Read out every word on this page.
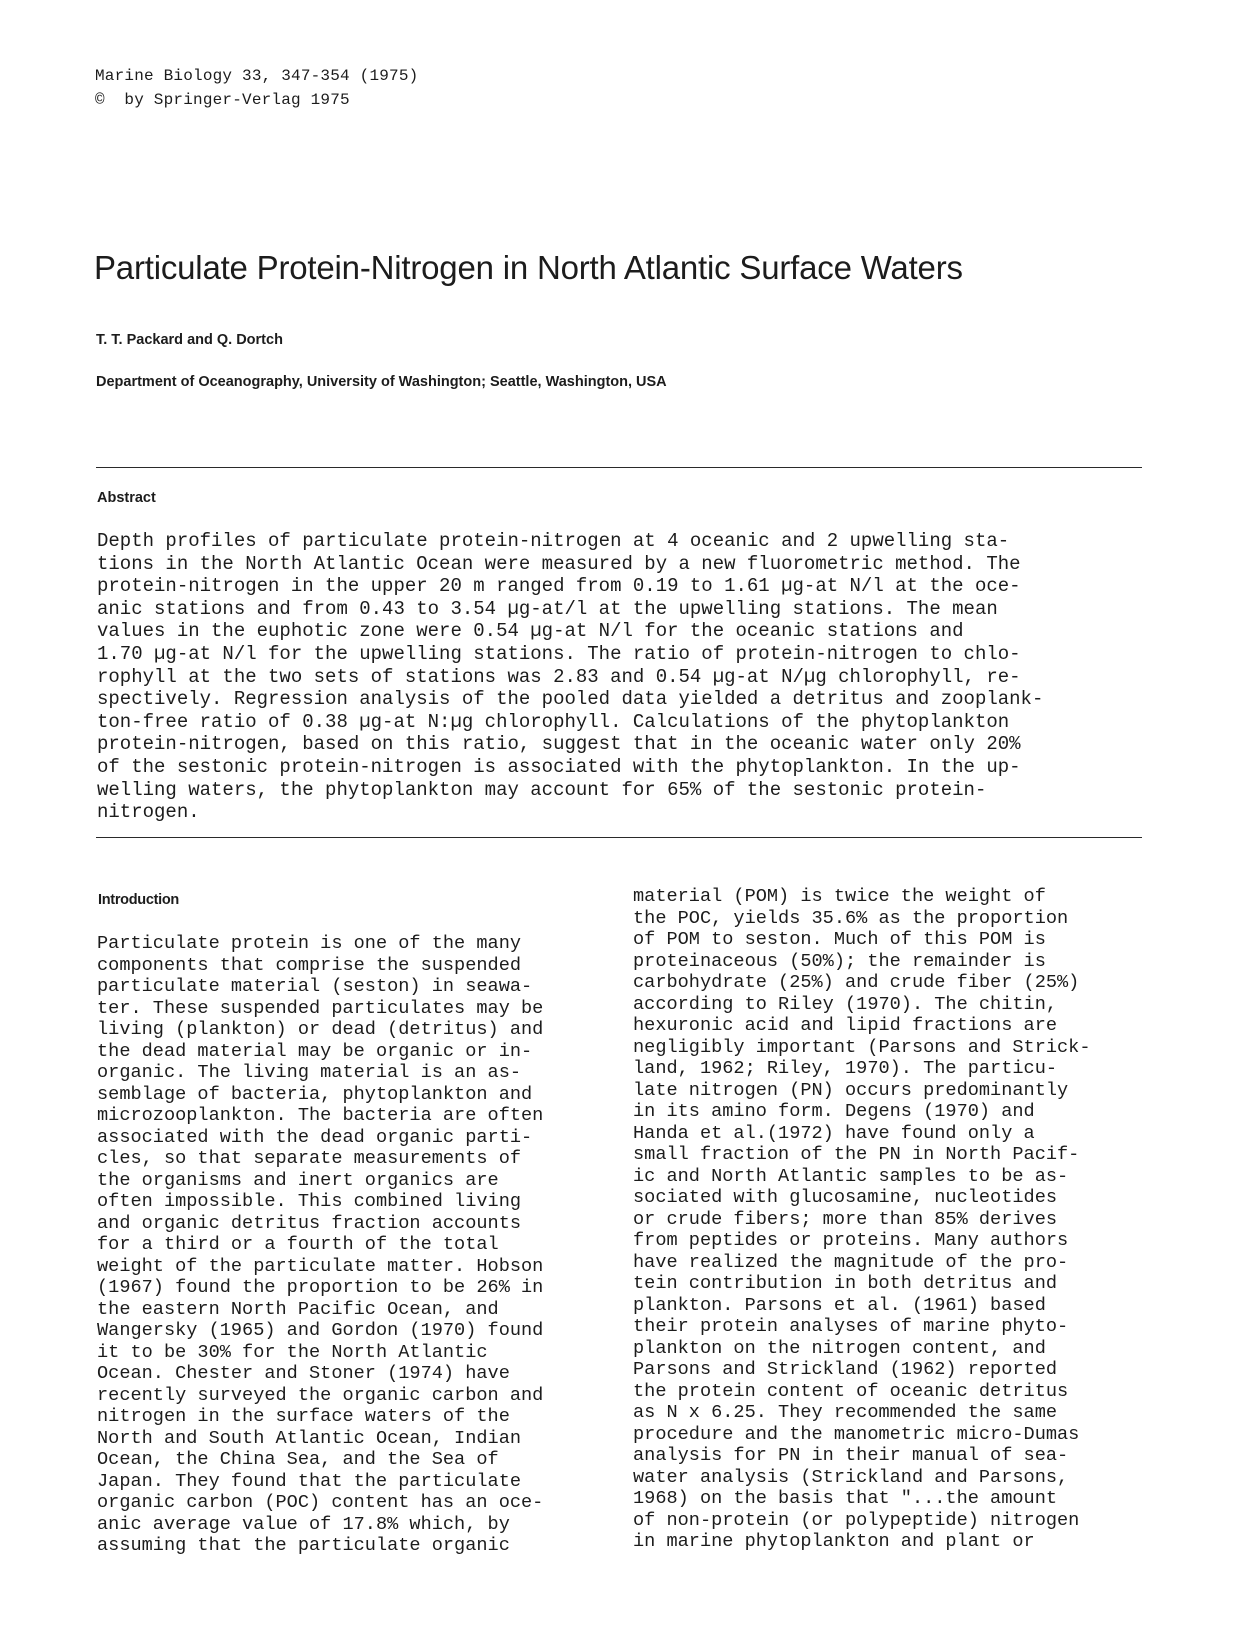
Marine Biology 33, 347-354 (1975)
©  by Springer-Verlag 1975
Particulate Protein-Nitrogen in North Atlantic Surface Waters
T. T. Packard and Q. Dortch
Department of Oceanography, University of Washington; Seattle, Washington, USA
Abstract
Depth profiles of particulate protein-nitrogen at 4 oceanic and 2 upwelling sta-
tions in the North Atlantic Ocean were measured by a new fluorometric method. The
protein-nitrogen in the upper 20 m ranged from 0.19 to 1.61 µg-at N/l at the oce-
anic stations and from 0.43 to 3.54 µg-at/l at the upwelling stations. The mean
values in the euphotic zone were 0.54 µg-at N/l for the oceanic stations and
1.70 µg-at N/l for the upwelling stations. The ratio of protein-nitrogen to chlo-
rophyll at the two sets of stations was 2.83 and 0.54 µg-at N/µg chlorophyll, re-
spectively. Regression analysis of the pooled data yielded a detritus and zooplank-
ton-free ratio of 0.38 µg-at N:µg chlorophyll. Calculations of the phytoplankton
protein-nitrogen, based on this ratio, suggest that in the oceanic water only 20%
of the sestonic protein-nitrogen is associated with the phytoplankton. In the up-
welling waters, the phytoplankton may account for 65% of the sestonic protein-
nitrogen.
Introduction
Particulate protein is one of the many
components that comprise the suspended
particulate material (seston) in seawa-
ter. These suspended particulates may be
living (plankton) or dead (detritus) and
the dead material may be organic or in-
organic. The living material is an as-
semblage of bacteria, phytoplankton and
microzooplankton. The bacteria are often
associated with the dead organic parti-
cles, so that separate measurements of
the organisms and inert organics are
often impossible. This combined living
and organic detritus fraction accounts
for a third or a fourth of the total
weight of the particulate matter. Hobson
(1967) found the proportion to be 26% in
the eastern North Pacific Ocean, and
Wangersky (1965) and Gordon (1970) found
it to be 30% for the North Atlantic
Ocean. Chester and Stoner (1974) have
recently surveyed the organic carbon and
nitrogen in the surface waters of the
North and South Atlantic Ocean, Indian
Ocean, the China Sea, and the Sea of
Japan. They found that the particulate
organic carbon (POC) content has an oce-
anic average value of 17.8% which, by
assuming that the particulate organic
material (POM) is twice the weight of
the POC, yields 35.6% as the proportion
of POM to seston. Much of this POM is
proteinaceous (50%); the remainder is
carbohydrate (25%) and crude fiber (25%)
according to Riley (1970). The chitin,
hexuronic acid and lipid fractions are
negligibly important (Parsons and Strick-
land, 1962; Riley, 1970). The particu-
late nitrogen (PN) occurs predominantly
in its amino form. Degens (1970) and
Handa et al.(1972) have found only a
small fraction of the PN in North Pacif-
ic and North Atlantic samples to be as-
sociated with glucosamine, nucleotides
or crude fibers; more than 85% derives
from peptides or proteins. Many authors
have realized the magnitude of the pro-
tein contribution in both detritus and
plankton. Parsons et al. (1961) based
their protein analyses of marine phyto-
plankton on the nitrogen content, and
Parsons and Strickland (1962) reported
the protein content of oceanic detritus
as N x 6.25. They recommended the same
procedure and the manometric micro-Dumas
analysis for PN in their manual of sea-
water analysis (Strickland and Parsons,
1968) on the basis that "...the amount
of non-protein (or polypeptide) nitrogen
in marine phytoplankton and plant or
